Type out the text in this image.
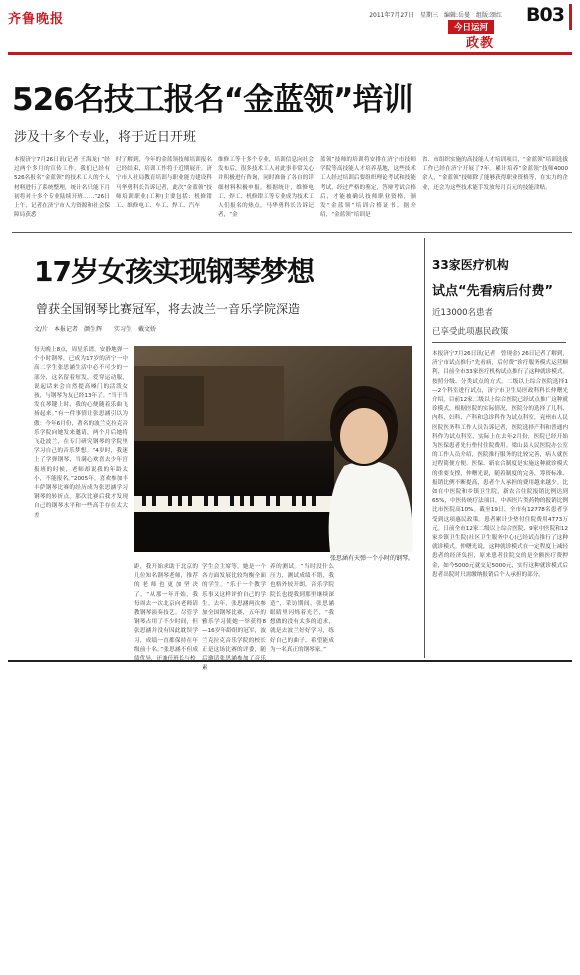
齐鲁晚报	2011年7月27日　星期三　编辑:岳曼　组版:颂红
今日运河
政教
B03
526名技工报名“金蓝领”培训
涉及十多个专业，将于近日开班

本报济宁7月26日讯(记者 王海龙) “经过两个多月的宣传工作，我们已经有526名报名“金蓝领”的技术工人的个人材料进行了系统整理，统计名只能下月初将对十多个专业陆续开班……”26日上午，记者在济宁市人力资源和社会保障局获悉

时了解到，今年的金蓝领技师培训报名已经结束，培训工作将于近期展开。济宁市人社局教育培训与职业能力建设科马华勇科长告诉记者，此次“金蓝领”技师培训职业(工种)主要包括：机修钳工、维修电工、车工、焊工、汽车

维修工等十多个专业，培训信息向社会发布后，很多技术工人对此事非常关心并积极进行咨询，同时准备了各自的详细材料积极申报。根据统计，维修电工、焊工、机修钳工等专业成为技术工人们报名的热点。马华勇科长告诉记者，“金

蓝领”技师的培训将安排在济宁市技师学院等高技能人才培养基地，这些技术工人经过培训后要组织理论考试和技能考试，经过严格的鉴定，答辩考试合格后，才能被确认技师职业资格，颁发“金蓝领”培训合格证书。据介绍，“金蓝领”培训是

省、市组织实施的高技能人才培训项目，“金蓝领”培训选拔工作已经在济宁开展了7年。累计培养“金蓝领”技师4000余人，“金蓝领”技师除了能够获得职业资格等，在实力的企业，还会为这些技术能手发放每月百元的技能津贴。

17岁女孩实现钢琴梦想
曾获全国钢琴比赛冠军，将去波兰一音乐学院深造
文/片　本报记者　颜生辉　　实习生　戴文娇

每天晚上8点，周星乐谱，安静地弹一个小时钢琴，已成为17岁的济宁一中高二学生张思涵生活中必不可少的一部分，这名留着短发，爱穿运动服，说起话来会自然提高嗓门的活泼女孩，与钢琴为友已经13年了。“当于当发在琴键上时，我的心便随着乐曲飞扬起来。”有一件事情让张思涵引以为傲：今年6月份，著名的波兰克拉克音乐学院向她发来邀请，两个月后她将飞赴波兰，在专门研究钢琴的学院里学习自己的音乐梦想。“4岁时，我迷上了学弹钢琴，当满心欢喜去少年宫报班的时候，老师却说我的年龄太小，不能报名。”2005年，喜欢参加丰丰萨钢琴比赛的经历成为张思涵学习钢琴的转折点。那次比赛后我才发现自己的钢琴水平和一些高手存在太大差

张思涵有天弹一个小时的钢琴。

距，我开始求助于北京的几位知名钢琴老师，推荐的老师也更加坚决了，“从那一年开始，我每周去一次北京向老师请教钢琴演奏技艺。尽管学钢琴占用了不少时间，但张思涵并没有因此耽误学习，成绩一直都保持在年级前十名。”张思涵不但成

学生会主席等，她是一个各方面发展比较均衡全面的学生。“乐于一个教学乐事又这样评价自己的学生。去年，张思涵两次参加全国钢琴比赛，五年的雅乐学习使她一举获得8—16岁年龄组的冠军，波兰克拉克音乐学院的校长正是这场比赛的评委，随 素

养的测试。“当时没什么压力，测试成绩不错，我也格外较开朗，音乐学院院长也提我到那里继续深造”，采访期间，张思涵眼睛里闪烁着光芒，“我想做的没有太多的追求，就是去波兰好好学习，练好自己的曲子，希望能成为一名真正的钢琴家。”

33家医疗机构
试点“先看病后付费”
近13000名患者
已享受此项惠民政策

本报济宁7月26日讯(记者　曾现金) 26日记者了解到，济宁市试点推行“先看病，后付费”诊疗服务模式运营顺利，目前全市33家医疗机构试点推行了这种就诊模式。按照分级、分类试点的方式，二级以上综合医院选择1—2个科室进行试点，济宁市卫生局医政科科长仲曙光介绍，目前12家二级以上综合医院已经试点推广这种就诊模式，根据医院的实际情况，医院分的选择了儿科、内科、妇科、产科和急诊科作为试点科室，兖州市人民医院医务科工作人员告诉记者，医院选择产科和普通内科作为试点科室，实际上在去年2月份，医院已经开始为医保患者先行垫付住院费用。梁山县人民医院办公室的工作人员介绍，医院推行服务的比较完善，病人就医过程简便方便。医保、新农合制度是实施这种就诊模式的重要支撑，仲曙光说，随着制度的完善，筹资标准、报销比例不断提高，患者个人承担的费用越来越少。比如在中医院和乡镇卫生院，新农合住院报销比例达到65%，中医传统疗法项目，中西医片类药物的报销比例比市医院高10%。截至19日，全市有12778名患者享受到这项惠民政策。患者累计少垫付住院费用4773万元。日前全市12家二级以上综合医院、9家中医院和12家乡镇卫生院(社区卫生服务中心)已经试点推行了这种就诊模式。仲曙光说，这种就诊模式在一定程度上减轻患者的经济负担，原来患者住院交的是全额医疗费押金，如今5000元就交足5000元，实行这种就诊模式后患者出院时只需缴纳报销后个人承担的部分。
